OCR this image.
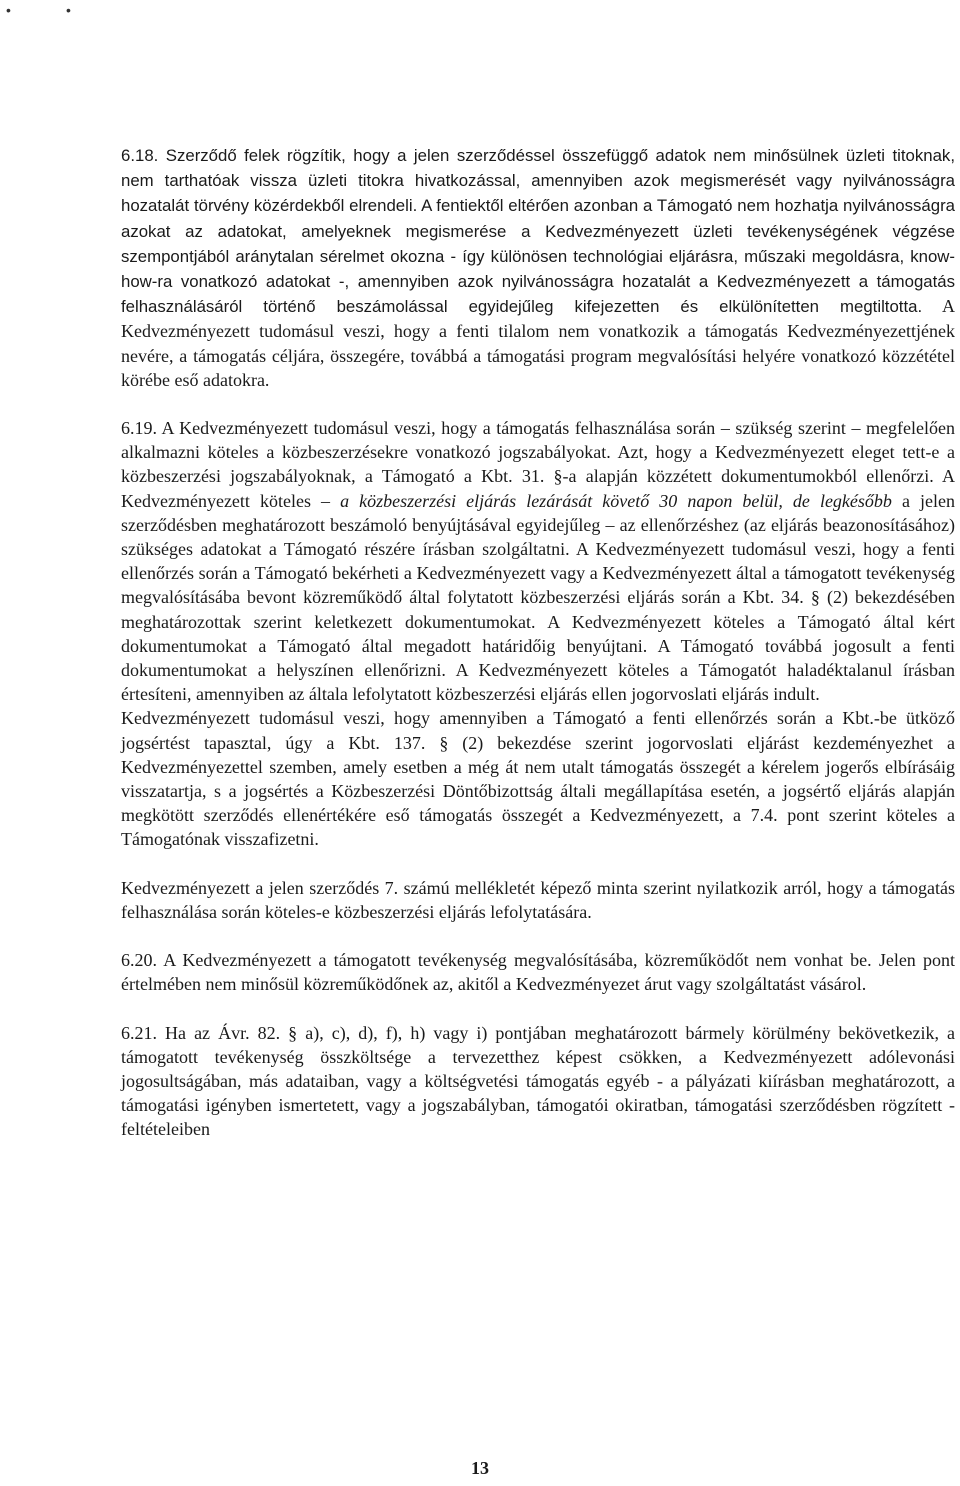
•	•

6.18. Szerződő felek rögzítik, hogy a jelen szerződéssel összefüggő adatok nem minősülnek üzleti titoknak, nem tarthatóak vissza üzleti titokra hivatkozással, amennyiben azok megismerését vagy nyilvánosságra hozatalát törvény közérdekből elrendeli. A fentiektől eltérően azonban a Támogató nem hozhatja nyilvánosságra azokat az adatokat, amelyeknek megismerése a Kedvezményezett üzleti tevékenységének végzése szempontjából aránytalan sérelmet okozna - így különösen technológiai eljárásra, műszaki megoldásra, know-how-ra vonatkozó adatokat -, amennyiben azok nyilvánosságra hozatalát a Kedvezményezett a támogatás felhasználásáról történő beszámolással egyidejűleg kifejezetten és elkülönítetten megtiltotta. A Kedvezményezett tudomásul veszi, hogy a fenti tilalom nem vonatkozik a támogatás Kedvezményezettjének nevére, a támogatás céljára, összegére, továbbá a támogatási program megvalósítási helyére vonatkozó közzététel körébe eső adatokra.

6.19. A Kedvezményezett tudomásul veszi, hogy a támogatás felhasználása során – szükség szerint – megfelelően alkalmazni köteles a közbeszerzésekre vonatkozó jogszabályokat. Azt, hogy a Kedvezményezett eleget tett-e a közbeszerzési jogszabályoknak, a Támogató a Kbt. 31. §-a alapján közzétett dokumentumokból ellenőrzi. A Kedvezményezett köteles – a közbeszerzési eljárás lezárását követő 30 napon belül, de legkésőbb a jelen szerződésben meghatározott beszámoló benyújtásával egyidejűleg – az ellenőrzéshez (az eljárás beazonosításához) szükséges adatokat a Támogató részére írásban szolgáltatni. A Kedvezményezett tudomásul veszi, hogy a fenti ellenőrzés során a Támogató bekérheti a Kedvezményezett vagy a Kedvezményezett által a támogatott tevékenység megvalósításába bevont közreműködő által folytatott közbeszerzési eljárás során a Kbt. 34. § (2) bekezdésében meghatározottak szerint keletkezett dokumentumokat. A Kedvezményezett köteles a Támogató által kért dokumentumokat a Támogató által megadott határidőig benyújtani. A Támogató továbbá jogosult a fenti dokumentumokat a helyszínen ellenőrizni. A Kedvezményezett köteles a Támogatót haladéktalanul írásban értesíteni, amennyiben az általa lefolytatott közbeszerzési eljárás ellen jogorvoslati eljárás indult.

Kedvezményezett tudomásul veszi, hogy amennyiben a Támogató a fenti ellenőrzés során a Kbt.-be ütköző jogsértést tapasztal, úgy a Kbt. 137. § (2) bekezdése szerint jogorvoslati eljárást kezdeményezhet a Kedvezményezettel szemben, amely esetben a még át nem utalt támogatás összegét a kérelem jogerős elbírásáig visszatartja, s a jogsértés a Közbeszerzési Döntőbizottság általi megállapítása esetén, a jogsértő eljárás alapján megkötött szerződés ellenértékére eső támogatás összegét a Kedvezményezett, a 7.4. pont szerint köteles a Támogatónak visszafizetni.

Kedvezményezett a jelen szerződés 7. számú mellékletét képező minta szerint nyilatkozik arról, hogy a támogatás felhasználása során köteles-e közbeszerzési eljárás lefolytatására.

6.20. A Kedvezményezett a támogatott tevékenység megvalósításába, közreműködőt nem vonhat be. Jelen pont értelmében nem minősül közreműködőnek az, akitől a Kedvezményezet árut vagy szolgáltatást vásárol.

6.21. Ha az Ávr. 82. § a), c), d), f), h) vagy i) pontjában meghatározott bármely körülmény bekövetkezik, a támogatott tevékenység összköltsége a tervezetthez képest csökken, a Kedvezményezett adólevonási jogosultságában, más adataiban, vagy a költségvetési támogatás egyéb - a pályázati kiírásban meghatározott, a támogatási igényben ismertetett, vagy a jogszabályban, támogatói okiratban, támogatási szerződésben rögzített - feltételeiben

13
